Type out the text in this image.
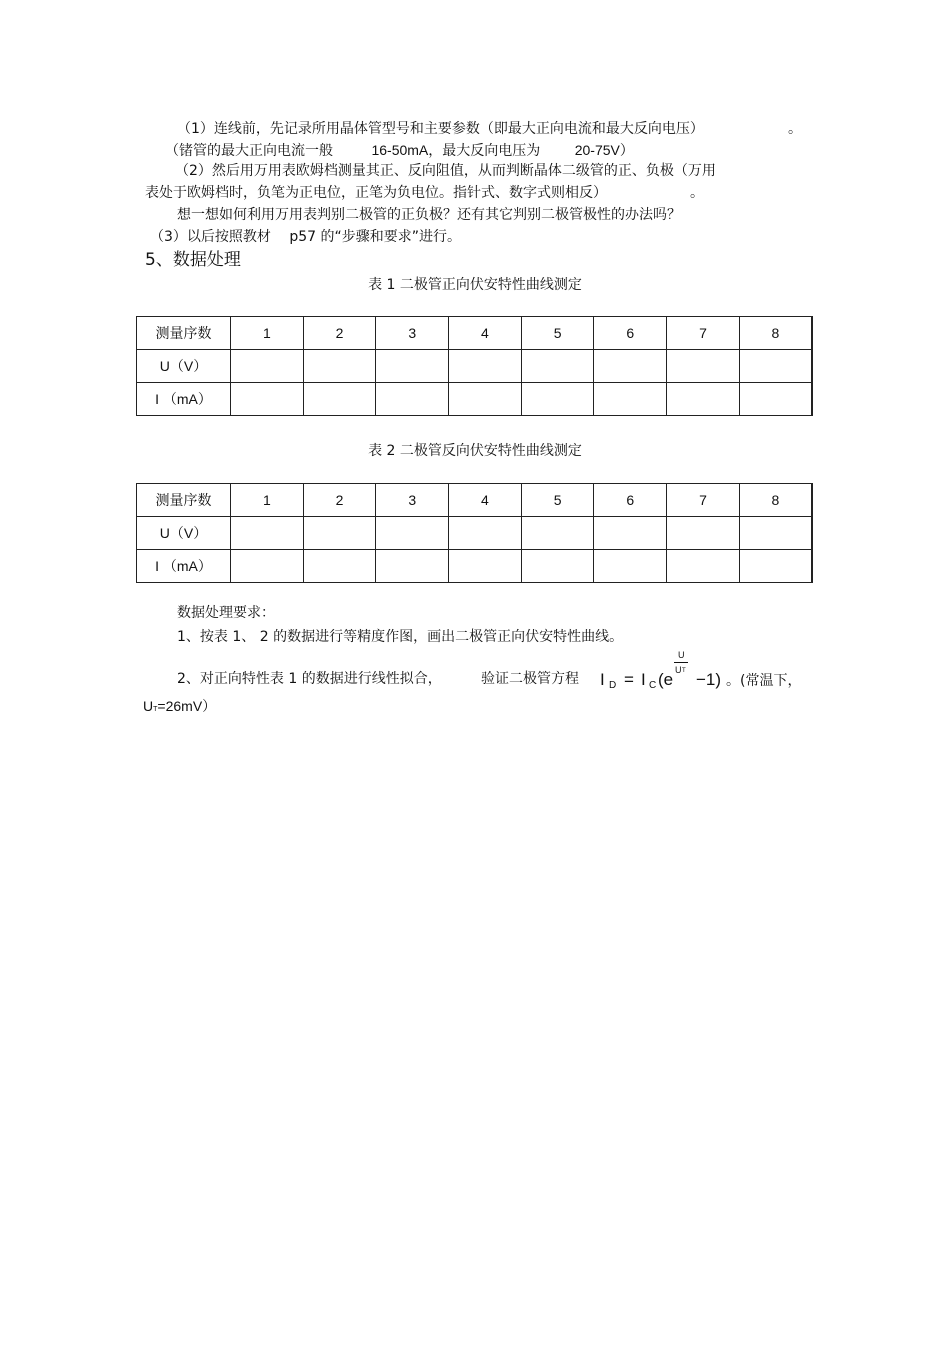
（1）连线前，先记录所用晶体管型号和主要参数（即最大正向电流和最大反向电压）	。
（锗管的最大正向电流一般	16-50mA，最大反向电压为 20-75V）
（2）然后用万用表欧姆档测量其正、反向阻值，从而判断晶体二级管的正、负极（万用
表处于欧姆档时，负笔为正电位，正笔为负电位。指针式、数字式则相反）	。
想一想如何利用万用表判别二极管的正负极？还有其它判别二极管极性的办法吗？
（3）以后按照教材 p57 的“步骤和要求”进行。
5、数据处理
表 1 二极管正向伏安特性曲线测定
测量序数	1	2	3	4	5	6	7	8
U（V）								
I （mA）								
表 2 二极管反向伏安特性曲线测定
测量序数	1	2	3	4	5	6	7	8
U（V）								
I （mA）								
数据处理要求：
1、按表 1、 2 的数据进行等精度作图，画出二极管正向伏安特性曲线。
2、对正向特性表 1 的数据进行线性拟合，	验证二极管方程 I D = I C (e
U
U T −1) 。(常温下，
UT=26mV）
